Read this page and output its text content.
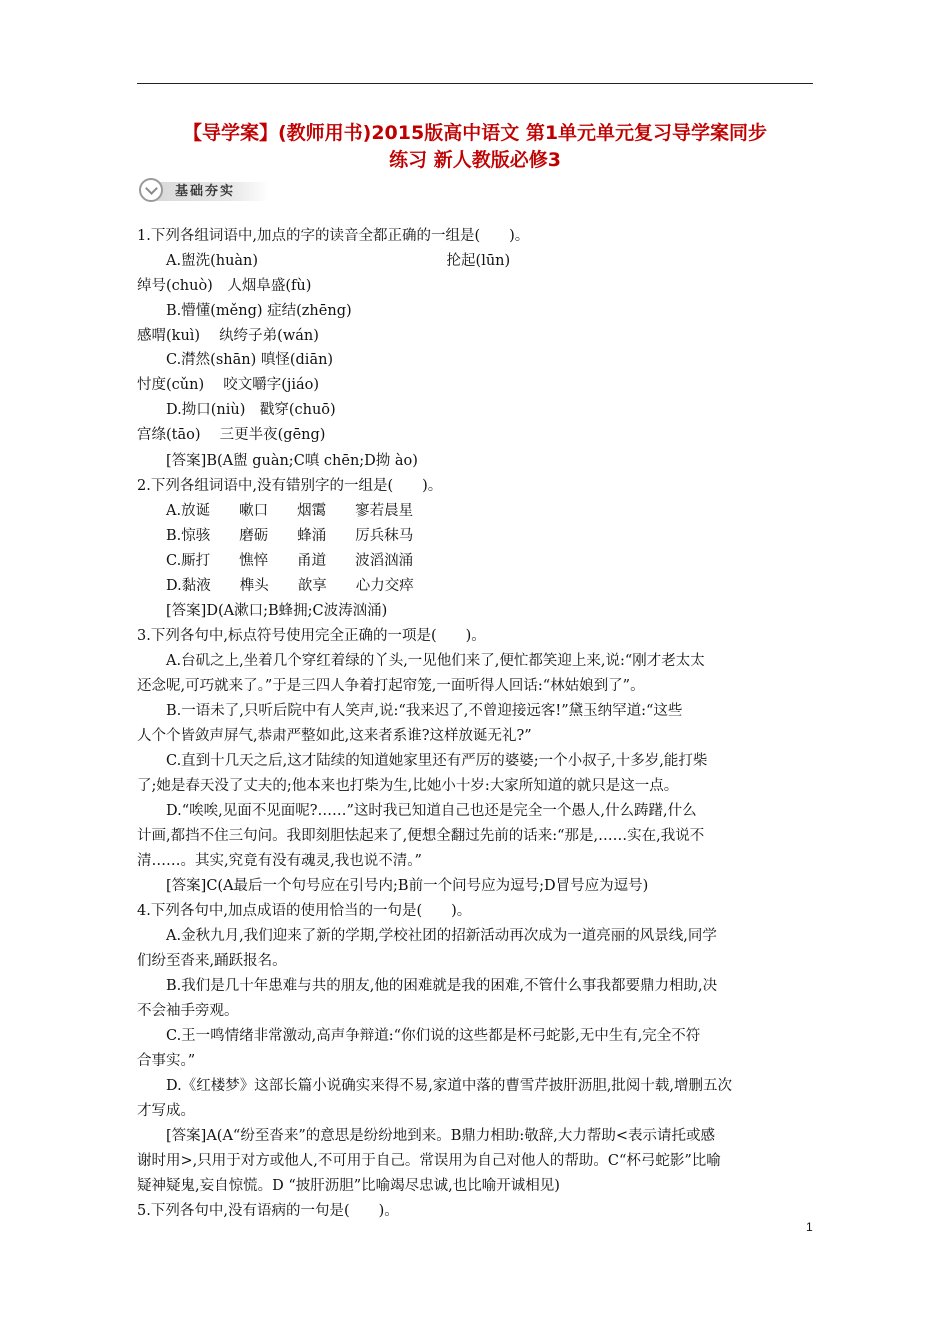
【导学案】(教师用书)2015版高中语文 第1单元单元复习导学案同步
练习 新人教版必修3
基础夯实
1.下列各组词语中,加点的字的读音全都正确的一组是(　　)。
　　A.盥洗(huàn)　　　　　　　　　　　　　抡起(lūn)
绰号(chuò)　人烟阜盛(fù)
　　B.懵懂(měng) 症结(zhēng)
感喟(kuì)　 纨绔子弟(wán)
　　C.潸然(shān) 嗔怪(diān)
忖度(cǔn)　 咬文嚼字(jiáo)
　　D.拗口(niù)　戳穿(chuō)
宫绦(tāo)　 三更半夜(gēng)
　　[答案]B(A盥 guàn;C嗔 chēn;D拗 ào)
2.下列各组词语中,没有错别字的一组是(　　)。
　　A.放诞　　嗽口　　烟霭　　寥若晨星
　　B.惊骇　　磨砺　　蜂涌　　厉兵秣马
　　C.厮打　　憔悴　　甬道　　波滔汹涌
　　D.黏液　　榫头　　歆享　　心力交瘁
　　[答案]D(A漱口;B蜂拥;C波涛汹涌)
3.下列各句中,标点符号使用完全正确的一项是(　　)。
　　A.台矶之上,坐着几个穿红着绿的丫头,一见他们来了,便忙都笑迎上来,说:“刚才老太太
还念呢,可巧就来了。”于是三四人争着打起帘笼,一面听得人回话:“林姑娘到了”。
　　B.一语未了,只听后院中有人笑声,说:“我来迟了,不曾迎接远客!”黛玉纳罕道:“这些
人个个皆敛声屏气,恭肃严整如此,这来者系谁?这样放诞无礼?”
　　C.直到十几天之后,这才陆续的知道她家里还有严厉的婆婆;一个小叔子,十多岁,能打柴
了;她是春天没了丈夫的;他本来也打柴为生,比她小十岁:大家所知道的就只是这一点。
　　D.“唉唉,见面不见面呢?……”这时我已知道自己也还是完全一个愚人,什么踌躇,什么
计画,都挡不住三句问。我即刻胆怯起来了,便想全翻过先前的话来:“那是,……实在,我说不
清……。其实,究竟有没有魂灵,我也说不清。”
　　[答案]C(A最后一个句号应在引号内;B前一个问号应为逗号;D冒号应为逗号)
4.下列各句中,加点成语的使用恰当的一句是(　　)。
　　A.金秋九月,我们迎来了新的学期,学校社团的招新活动再次成为一道亮丽的风景线,同学
们纷至沓来,踊跃报名。
　　B.我们是几十年患难与共的朋友,他的困难就是我的困难,不管什么事我都要鼎力相助,决
不会袖手旁观。
　　C.王一鸣情绪非常激动,高声争辩道:“你们说的这些都是杯弓蛇影,无中生有,完全不符
合事实。”
　　D.《红楼梦》这部长篇小说确实来得不易,家道中落的曹雪芹披肝沥胆,批阅十载,增删五次
才写成。
　　[答案]A(A“纷至沓来”的意思是纷纷地到来。B鼎力相助:敬辞,大力帮助<表示请托或感
谢时用>,只用于对方或他人,不可用于自己。常误用为自己对他人的帮助。C“杯弓蛇影”比喻
疑神疑鬼,妄自惊慌。D “披肝沥胆”比喻竭尽忠诚,也比喻开诚相见)
5.下列各句中,没有语病的一句是(　　)。
1
